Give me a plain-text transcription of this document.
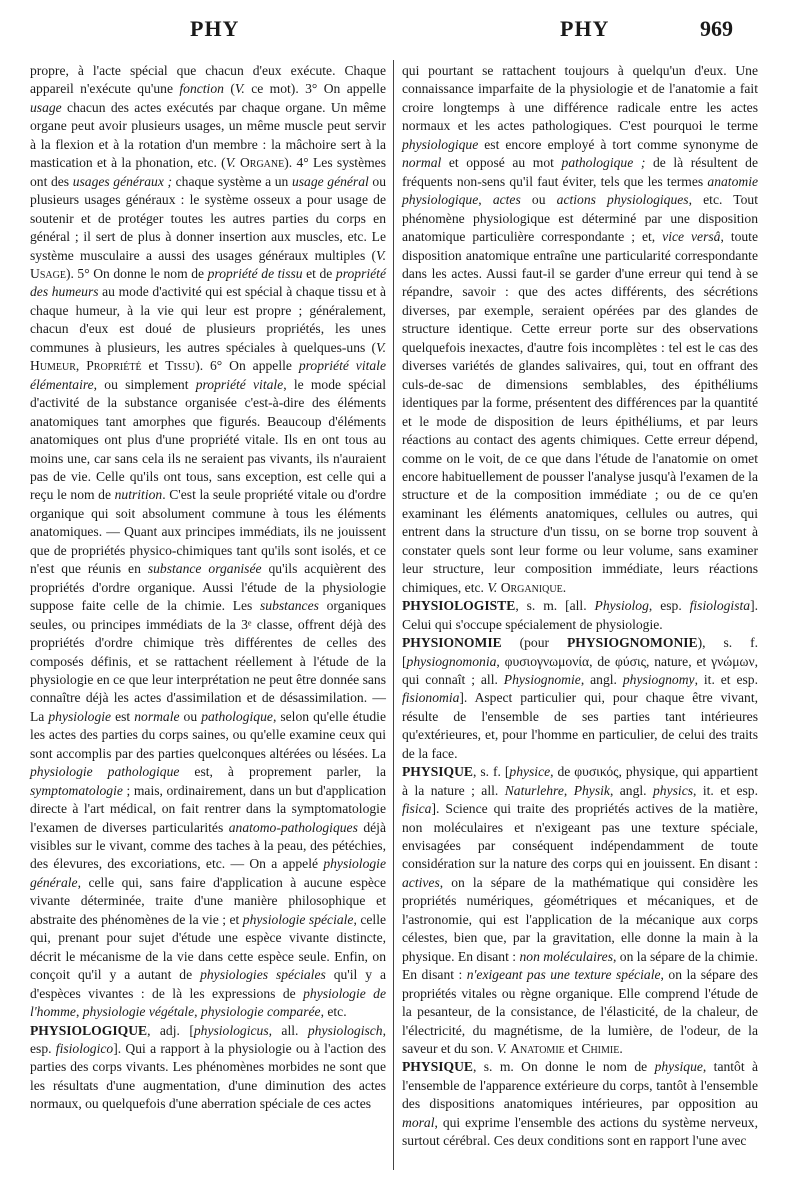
PHY	PHY	969

propre, à l'acte spécial que chacun d'eux exécute. Chaque appareil n'exécute qu'une fonction (V. ce mot). 3° On appelle usage chacun des actes exécutés par chaque organe. Un même organe peut avoir plusieurs usages, un même muscle peut servir à la flexion et à la rotation d'un membre : la mâchoire sert à la mastication et à la phonation, etc. (V. Organe). 4° Les systèmes ont des usages généraux ; chaque système a un usage général ou plusieurs usages généraux : le système osseux a pour usage de soutenir et de protéger toutes les autres parties du corps en général ; il sert de plus à donner insertion aux muscles, etc. Le système musculaire a aussi des usages généraux multiples (V. Usage). 5° On donne le nom de propriété de tissu et de propriété des humeurs au mode d'activité qui est spécial à chaque tissu et à chaque humeur, à la vie qui leur est propre ; généralement, chacun d'eux est doué de plusieurs propriétés, les unes communes à plusieurs, les autres spéciales à quelques-uns (V. Humeur, Propriété et Tissu). 6° On appelle propriété vitale élémentaire, ou simplement propriété vitale, le mode spécial d'activité de la substance organisée c'est-à-dire des éléments anatomiques tant amorphes que figurés. Beaucoup d'éléments anatomiques ont plus d'une propriété vitale. Ils en ont tous au moins une, car sans cela ils ne seraient pas vivants, ils n'auraient pas de vie. Celle qu'ils ont tous, sans exception, est celle qui a reçu le nom de nutrition. C'est la seule propriété vitale ou d'ordre organique qui soit absolument commune à tous les éléments anatomiques. — Quant aux principes immédiats, ils ne jouissent que de propriétés physico-chimiques tant qu'ils sont isolés, et ce n'est que réunis en substance organisée qu'ils acquièrent des propriétés d'ordre organique. Aussi l'étude de la physiologie suppose faite celle de la chimie. Les substances organiques seules, ou principes immédiats de la 3ᵉ classe, offrent déjà des propriétés d'ordre chimique très différentes de celles des composés définis, et se rattachent réellement à l'étude de la physiologie en ce que leur interprétation ne peut être donnée sans connaître déjà les actes d'assimilation et de désassimilation. — La physiologie est normale ou pathologique, selon qu'elle étudie les actes des parties du corps saines, ou qu'elle examine ceux qui sont accomplis par des parties quelconques altérées ou lésées. La physiologie pathologique est, à proprement parler, la symptomatologie ; mais, ordinairement, dans un but d'application directe à l'art médical, on fait rentrer dans la symptomatologie l'examen de diverses particularités anatomo-pathologiques déjà visibles sur le vivant, comme des taches à la peau, des pétéchies, des élevures, des excoriations, etc. — On a appelé physiologie générale, celle qui, sans faire d'application à aucune espèce vivante déterminée, traite d'une manière philosophique et abstraite des phénomènes de la vie ; et physiologie spéciale, celle qui, prenant pour sujet d'étude une espèce vivante distincte, décrit le mécanisme de la vie dans cette espèce seule. Enfin, on conçoit qu'il y a autant de physiologies spéciales qu'il y a d'espèces vivantes : de là les expressions de physiologie de l'homme, physiologie végétale, physiologie comparée, etc.

PHYSIOLOGIQUE, adj. [physiologicus, all. physiologisch, esp. fisiologico]. Qui a rapport à la physiologie ou à l'action des parties des corps vivants. Les phénomènes morbides ne sont que les résultats d'une augmentation, d'une diminution des actes normaux, ou quelquefois d'une aberration spéciale de ces actes

qui pourtant se rattachent toujours à quelqu'un d'eux. Une connaissance imparfaite de la physiologie et de l'anatomie a fait croire longtemps à une différence radicale entre les actes normaux et les actes pathologiques. C'est pourquoi le terme physiologique est encore employé à tort comme synonyme de normal et opposé au mot pathologique ; de là résultent de fréquents non-sens qu'il faut éviter, tels que les termes anatomie physiologique, actes ou actions physiologiques, etc. Tout phénomène physiologique est déterminé par une disposition anatomique particulière correspondante ; et, vice versâ, toute disposition anatomique entraîne une particularité correspondante dans les actes. Aussi faut-il se garder d'une erreur qui tend à se répandre, savoir : que des actes différents, des sécrétions diverses, par exemple, seraient opérées par des glandes de structure identique. Cette erreur porte sur des observations quelquefois inexactes, d'autre fois incomplètes : tel est le cas des diverses variétés de glandes salivaires, qui, tout en offrant des culs-de-sac de dimensions semblables, des épithéliums identiques par la forme, présentent des différences par la quantité et le mode de disposition de leurs épithéliums, et par leurs réactions au contact des agents chimiques. Cette erreur dépend, comme on le voit, de ce que dans l'étude de l'anatomie on omet encore habituellement de pousser l'analyse jusqu'à l'examen de la structure et de la composition immédiate ; ou de ce qu'en examinant les éléments anatomiques, cellules ou autres, qui entrent dans la structure d'un tissu, on se borne trop souvent à constater quels sont leur forme ou leur volume, sans examiner leur structure, leur composition immédiate, leurs réactions chimiques, etc. V. Organique.

PHYSIOLOGISTE, s. m. [all. Physiolog, esp. fisiologista]. Celui qui s'occupe spécialement de physiologie.

PHYSIONOMIE (pour PHYSIOGNOMONIE), s. f. [physiognomonia, φυσιογνωμονία, de φύσις, nature, et γνώμων, qui connaît ; all. Physiognomie, angl. physiognomy, it. et esp. fisionomia]. Aspect particulier qui, pour chaque être vivant, résulte de l'ensemble de ses parties tant intérieures qu'extérieures, et, pour l'homme en particulier, de celui des traits de la face.

PHYSIQUE, s. f. [physice, de φυσικός, physique, qui appartient à la nature ; all. Naturlehre, Physik, angl. physics, it. et esp. fisica]. Science qui traite des propriétés actives de la matière, non moléculaires et n'exigeant pas une texture spéciale, envisagées par conséquent indépendamment de toute considération sur la nature des corps qui en jouissent. En disant : actives, on la sépare de la mathématique qui considère les propriétés numériques, géométriques et mécaniques, et de l'astronomie, qui est l'application de la mécanique aux corps célestes, bien que, par la gravitation, elle donne la main à la physique. En disant : non moléculaires, on la sépare de la chimie. En disant : n'exigeant pas une texture spéciale, on la sépare des propriétés vitales ou règne organique. Elle comprend l'étude de la pesanteur, de la consistance, de l'élasticité, de la chaleur, de l'électricité, du magnétisme, de la lumière, de l'odeur, de la saveur et du son. V. Anatomie et Chimie.

PHYSIQUE, s. m. On donne le nom de physique, tantôt à l'ensemble de l'apparence extérieure du corps, tantôt à l'ensemble des dispositions anatomiques intérieures, par opposition au moral, qui exprime l'ensemble des actions du système nerveux, surtout cérébral. Ces deux conditions sont en rapport l'une avec
